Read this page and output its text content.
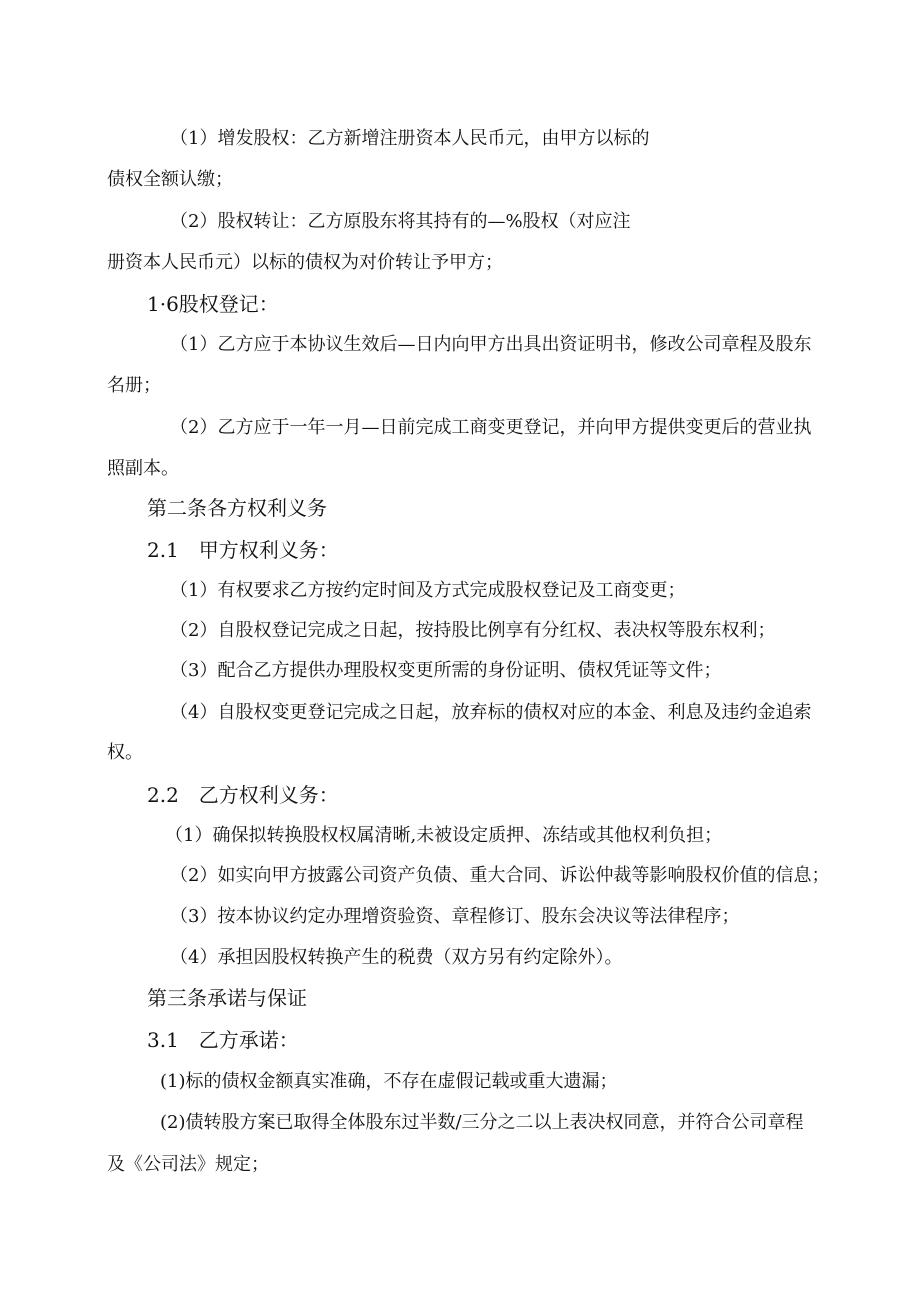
（1）增发股权：乙方新增注册资本人民币元，由甲方以标的
债权全额认缴；
（2）股权转让：乙方原股东将其持有的—%股权（对应注
册资本人民币元）以标的债权为对价转让予甲方；
1·6股权登记：
（1）乙方应于本协议生效后—日内向甲方出具出资证明书，修改公司章程及股东
名册；
（2）乙方应于一年一月—日前完成工商变更登记，并向甲方提供变更后的营业执
照副本。
第二条各方权利义务
2.1　甲方权利义务：
（1）有权要求乙方按约定时间及方式完成股权登记及工商变更；
（2）自股权登记完成之日起，按持股比例享有分红权、表决权等股东权利；
（3）配合乙方提供办理股权变更所需的身份证明、债权凭证等文件；
（4）自股权变更登记完成之日起，放弃标的债权对应的本金、利息及违约金追索
权。
2.2　乙方权利义务：
（1）确保拟转换股权权属清晰,未被设定质押、冻结或其他权利负担；
（2）如实向甲方披露公司资产负债、重大合同、诉讼仲裁等影响股权价值的信息；
（3）按本协议约定办理增资验资、章程修订、股东会决议等法律程序；
（4）承担因股权转换产生的税费（双方另有约定除外）。
第三条承诺与保证
3.1　乙方承诺：
(1)标的债权金额真实准确，不存在虚假记载或重大遗漏；
(2)债转股方案已取得全体股东过半数/三分之二以上表决权同意，并符合公司章程
及《公司法》规定；
